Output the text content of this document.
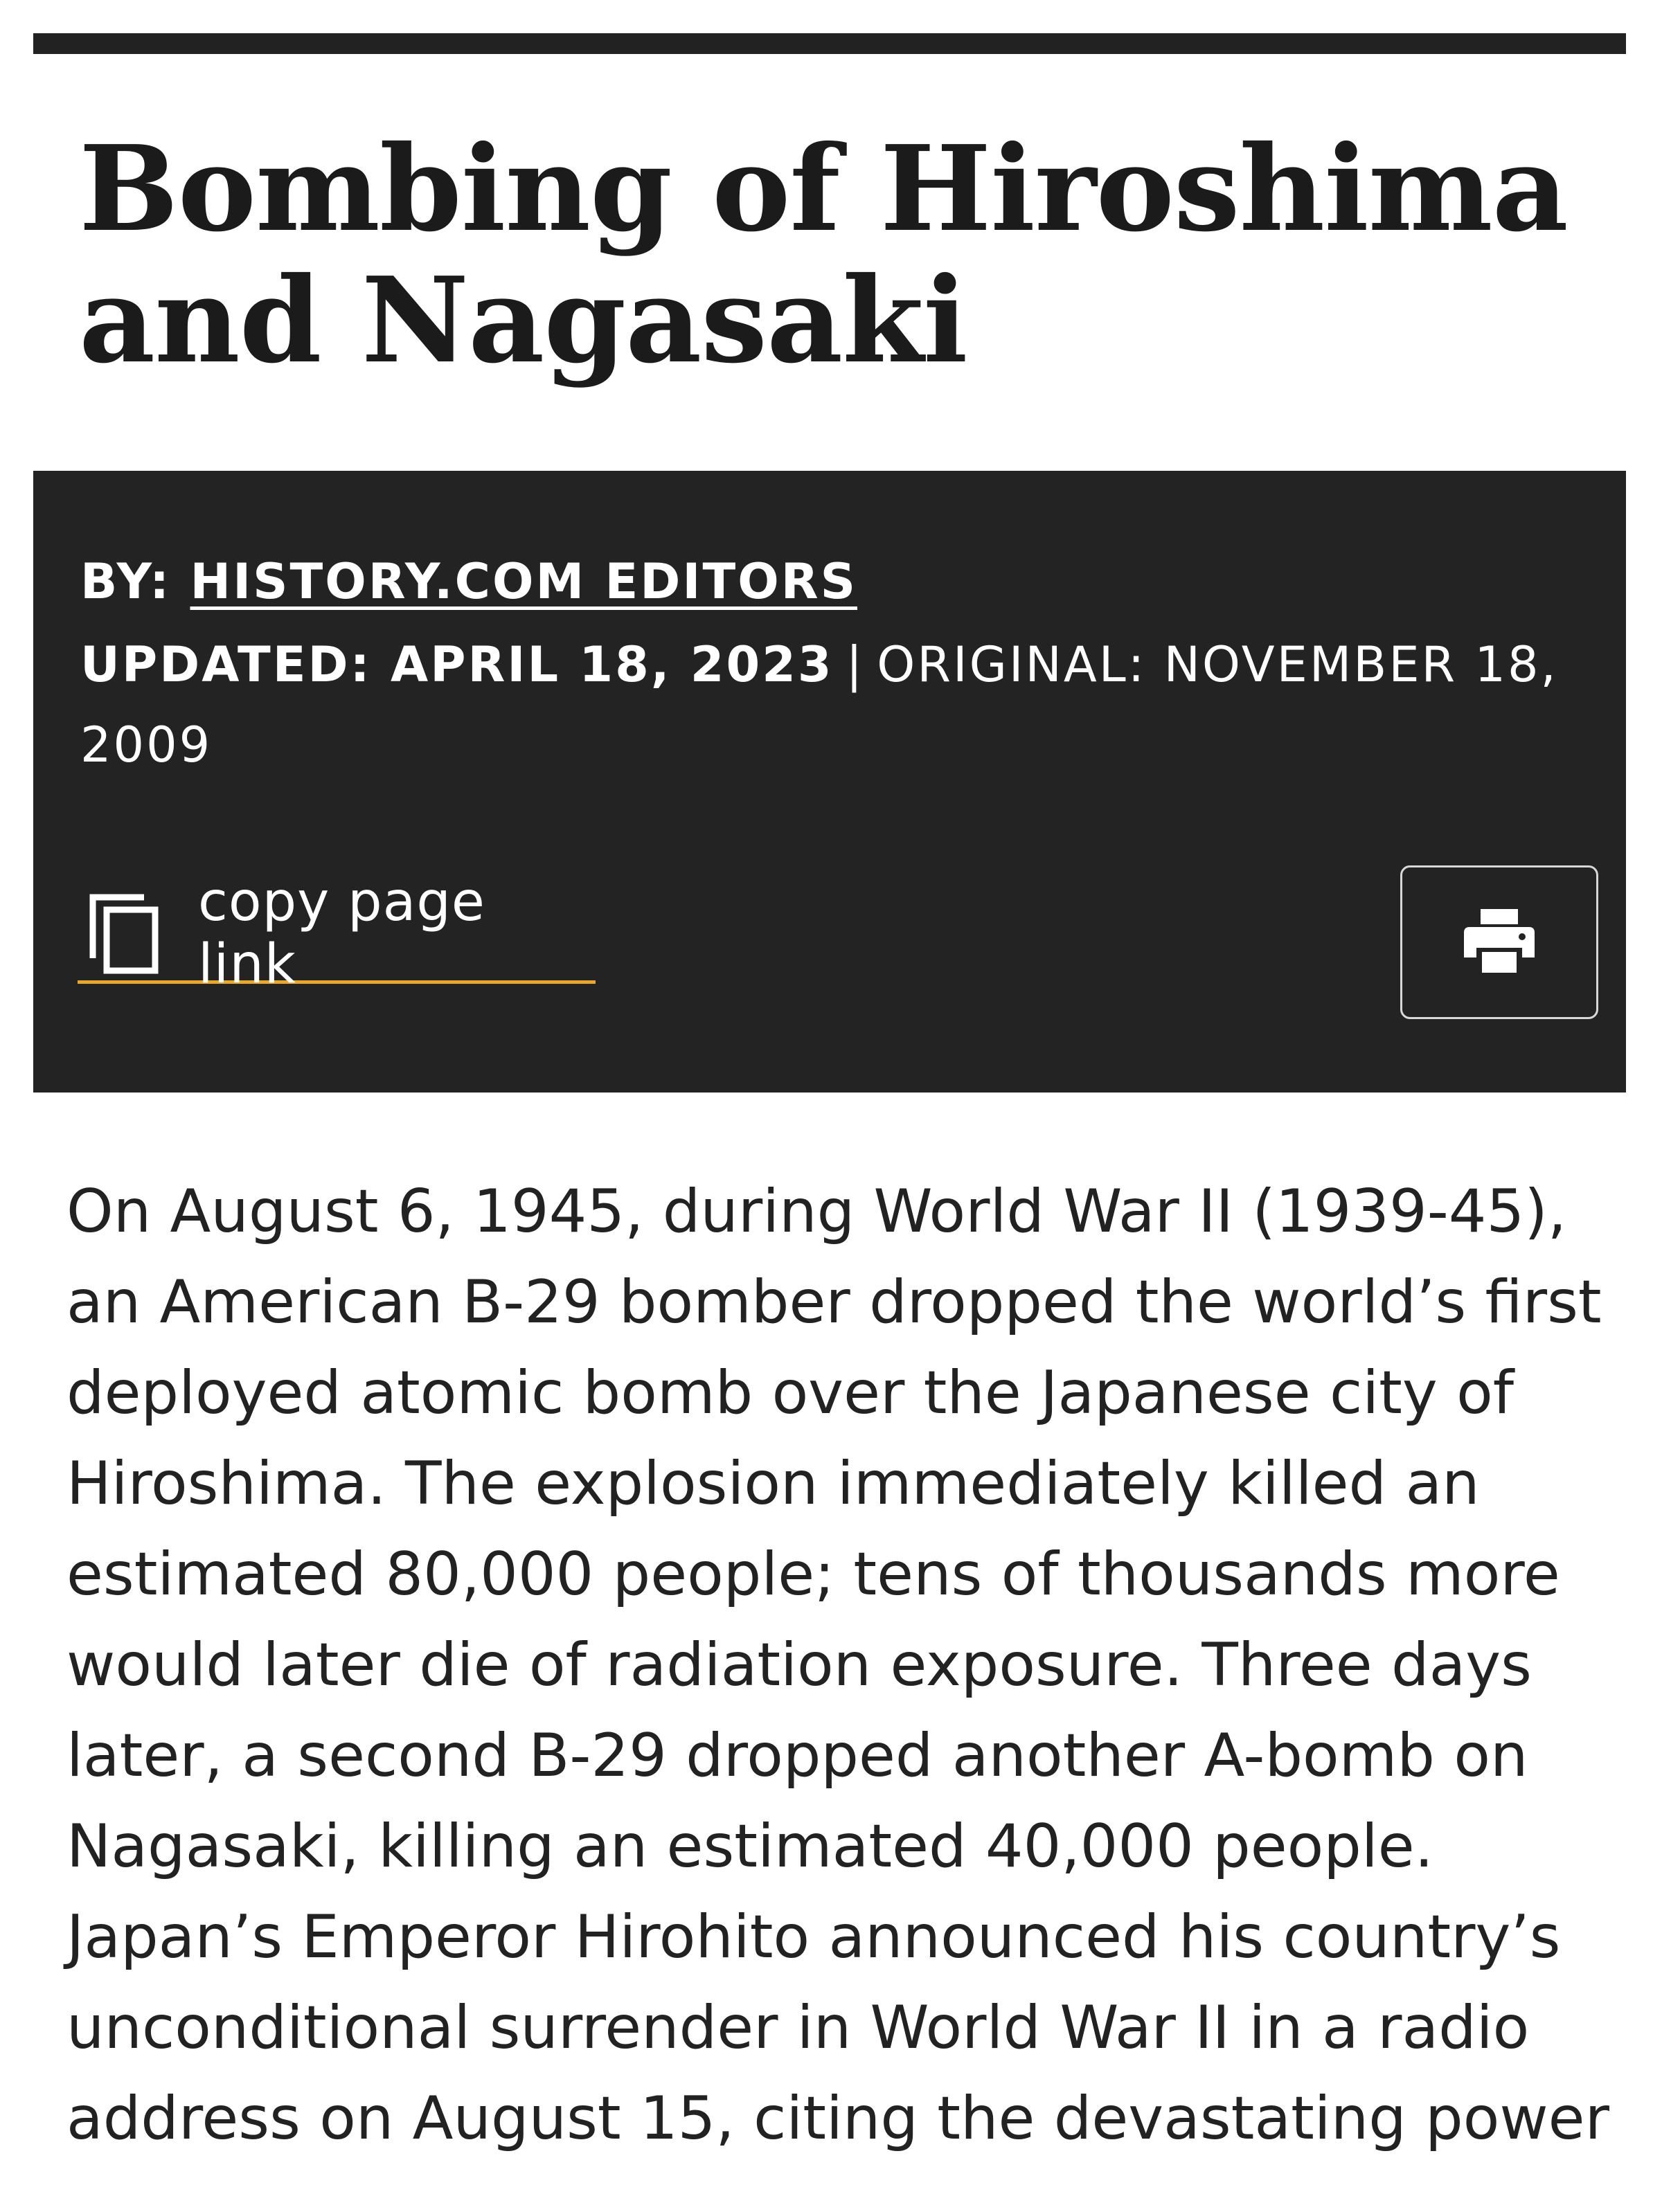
Bombing of Hiroshima and Nagasaki
BY: HISTORY.COM EDITORS
UPDATED: APRIL 18, 2023 | ORIGINAL: NOVEMBER 18, 2009
copy page link

On August 6, 1945, during World War II (1939-45), an American B-29 bomber dropped the world’s first deployed atomic bomb over the Japanese city of Hiroshima. The explosion immediately killed an estimated 80,000 people; tens of thousands more would later die of radiation exposure. Three days later, a second B-29 dropped another A-bomb on Nagasaki, killing an estimated 40,000 people. Japan’s Emperor Hirohito announced his country’s unconditional surrender in World War II in a radio address on August 15, citing the devastating power
